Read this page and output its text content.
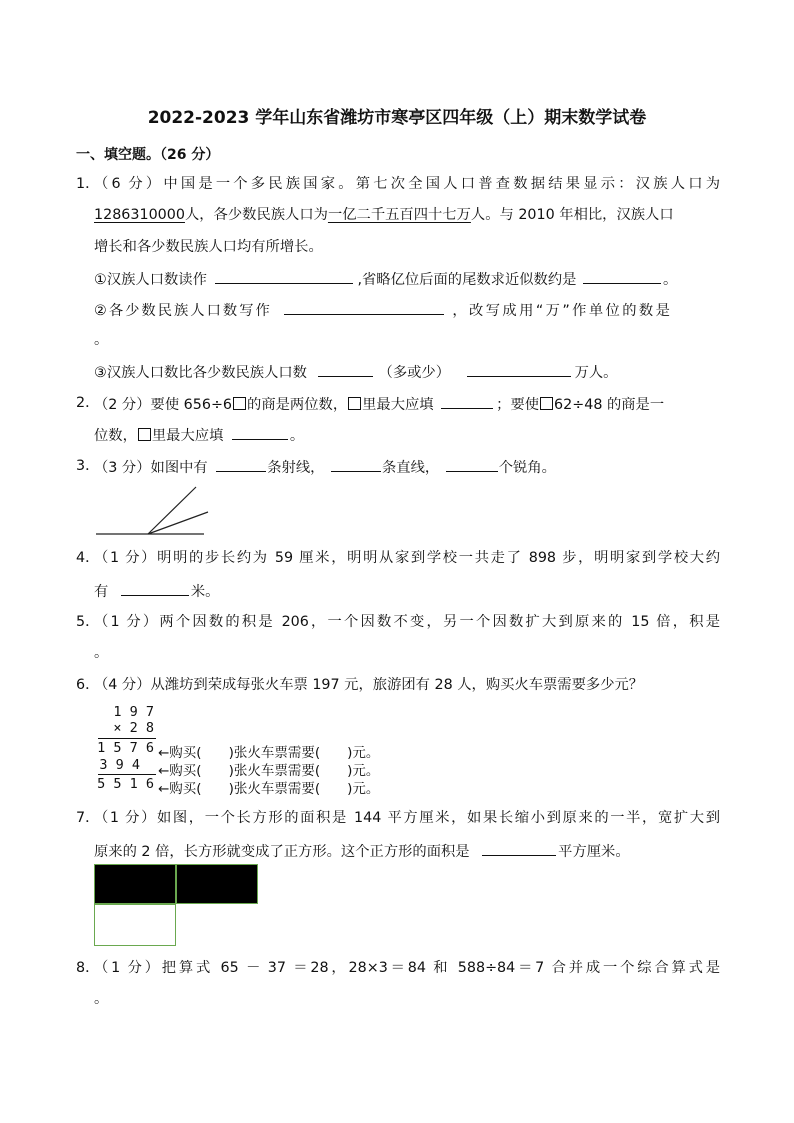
2022-2023 学年山东省潍坊市寒亭区四年级（上）期末数学试卷
一、填空题。（26 分）
1．
（6 分）中国是一个多民族国家。第七次全国人口普查数据结果显示：汉族人口为
1286310000人，各少数民族人口为一亿二千五百四十七万人。与 2010 年相比，汉族人口
增长和各少数民族人口均有所增长。
①汉族人口数读作	,省略亿位后面的尾数求近似数约是	。
②各少数民族人口数写作	，改写成用“万”作单位的数是
。
③汉族人口数比各少数民族人口数	（多或少）	万人。
2．
（2 分）要使 656÷6 的商是两位数， 里最大应填	；要使 62÷48 的商是一
位数， 里最大应填	。
3．
（3 分）如图中有	条射线，	条直线，	个锐角。
4．
（1 分）明明的步长约为 59 厘米，明明从家到学校一共走了 898 步，明明家到学校大约
有	米。
5．
（1 分）两个因数的积是 206，一个因数不变，另一个因数扩大到原来的 15 倍，积是
。
6．
（4 分）从潍坊到荣成每张火车票 197 元，旅游团有 28 人，购买火车票需要多少元？
1 9 7
× 2 8
1 5 7 6
3 9 4
5 5 1 6
←购买(　　)张火车票需要(　　)元。
←购买(　　)张火车票需要(　　)元。
←购买(　　)张火车票需要(　　)元。
7．
（1 分）如图，一个长方形的面积是 144 平方厘米，如果长缩小到原来的一半，宽扩大到
原来的 2 倍，长方形就变成了正方形。这个正方形的面积是	平方厘米。
8．
（1 分）把算式 65 － 37 ＝28，28×3＝84 和 588÷84＝7 合并成一个综合算式是
。
